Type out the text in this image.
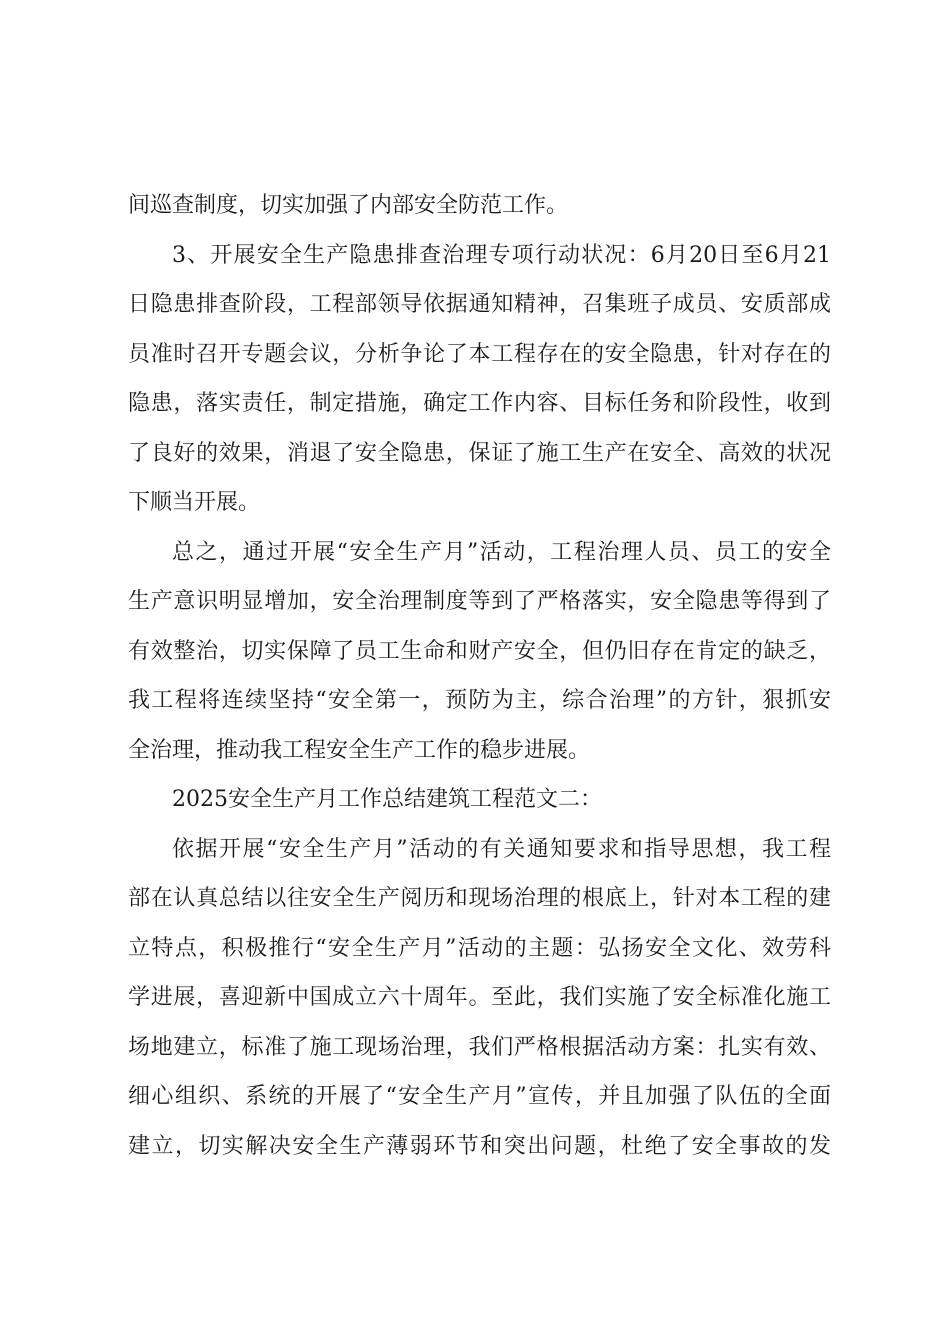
间巡查制度，切实加强了内部安全防范工作。
3、开展安全生产隐患排查治理专项行动状况：6月20日至6月21
日隐患排查阶段，工程部领导依据通知精神，召集班子成员、安质部成
员准时召开专题会议，分析争论了本工程存在的安全隐患，针对存在的
隐患，落实责任，制定措施，确定工作内容、目标任务和阶段性，收到
了良好的效果，消退了安全隐患，保证了施工生产在安全、高效的状况
下顺当开展。
总之，通过开展“安全生产月”活动，工程治理人员、员工的安全
生产意识明显增加，安全治理制度等到了严格落实，安全隐患等得到了
有效整治，切实保障了员工生命和财产安全，但仍旧存在肯定的缺乏，
我工程将连续坚持“安全第一，预防为主，综合治理”的方针，狠抓安
全治理，推动我工程安全生产工作的稳步进展。
2025安全生产月工作总结建筑工程范文二：
依据开展“安全生产月”活动的有关通知要求和指导思想，我工程
部在认真总结以往安全生产阅历和现场治理的根底上，针对本工程的建
立特点，积极推行“安全生产月”活动的主题：弘扬安全文化、效劳科
学进展，喜迎新中国成立六十周年。至此，我们实施了安全标准化施工
场地建立，标准了施工现场治理，我们严格根据活动方案：扎实有效、
细心组织、系统的开展了“安全生产月”宣传，并且加强了队伍的全面
建立，切实解决安全生产薄弱环节和突出问题，杜绝了安全事故的发
